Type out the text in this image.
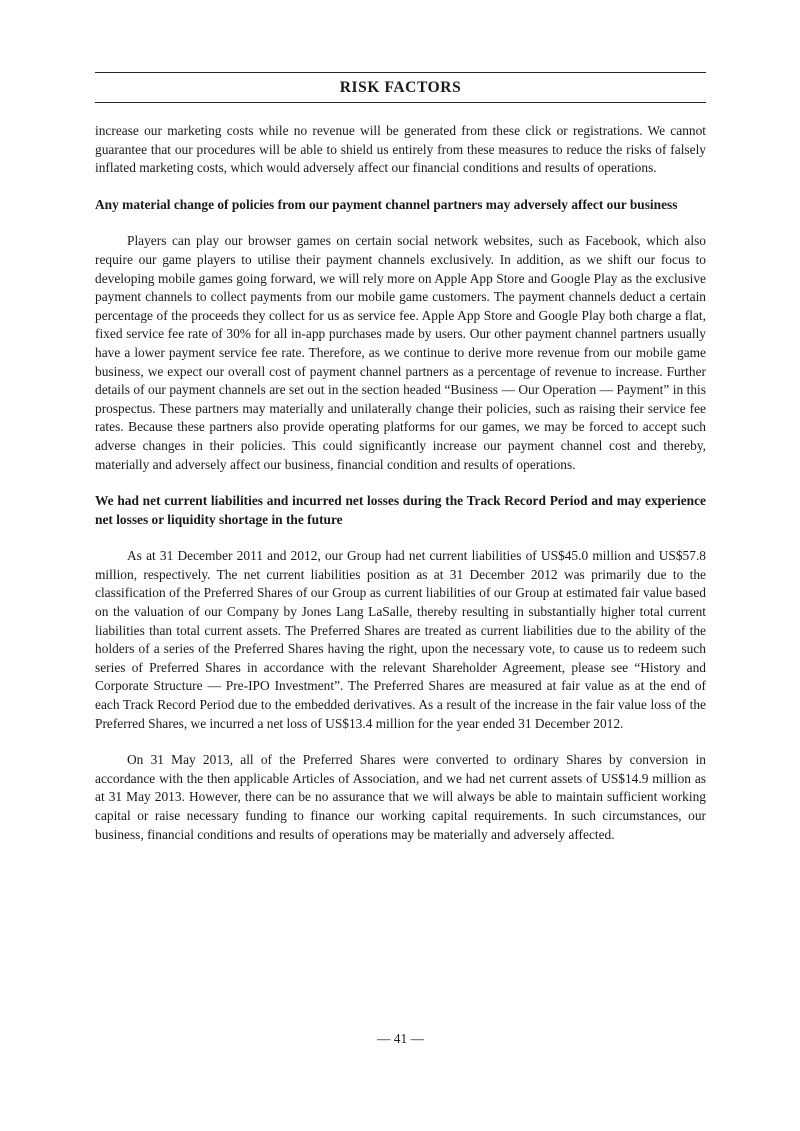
RISK FACTORS

increase our marketing costs while no revenue will be generated from these click or registrations. We cannot guarantee that our procedures will be able to shield us entirely from these measures to reduce the risks of falsely inflated marketing costs, which would adversely affect our financial conditions and results of operations.

Any material change of policies from our payment channel partners may adversely affect our business

Players can play our browser games on certain social network websites, such as Facebook, which also require our game players to utilise their payment channels exclusively. In addition, as we shift our focus to developing mobile games going forward, we will rely more on Apple App Store and Google Play as the exclusive payment channels to collect payments from our mobile game customers. The payment channels deduct a certain percentage of the proceeds they collect for us as service fee. Apple App Store and Google Play both charge a flat, fixed service fee rate of 30% for all in-app purchases made by users. Our other payment channel partners usually have a lower payment service fee rate. Therefore, as we continue to derive more revenue from our mobile game business, we expect our overall cost of payment channel partners as a percentage of revenue to increase. Further details of our payment channels are set out in the section headed “Business — Our Operation — Payment” in this prospectus. These partners may materially and unilaterally change their policies, such as raising their service fee rates. Because these partners also provide operating platforms for our games, we may be forced to accept such adverse changes in their policies. This could significantly increase our payment channel cost and thereby, materially and adversely affect our business, financial condition and results of operations.

We had net current liabilities and incurred net losses during the Track Record Period and may experience net losses or liquidity shortage in the future

As at 31 December 2011 and 2012, our Group had net current liabilities of US$45.0 million and US$57.8 million, respectively. The net current liabilities position as at 31 December 2012 was primarily due to the classification of the Preferred Shares of our Group as current liabilities of our Group at estimated fair value based on the valuation of our Company by Jones Lang LaSalle, thereby resulting in substantially higher total current liabilities than total current assets. The Preferred Shares are treated as current liabilities due to the ability of the holders of a series of the Preferred Shares having the right, upon the necessary vote, to cause us to redeem such series of Preferred Shares in accordance with the relevant Shareholder Agreement, please see “History and Corporate Structure — Pre-IPO Investment”. The Preferred Shares are measured at fair value as at the end of each Track Record Period due to the embedded derivatives. As a result of the increase in the fair value loss of the Preferred Shares, we incurred a net loss of US$13.4 million for the year ended 31 December 2012.

On 31 May 2013, all of the Preferred Shares were converted to ordinary Shares by conversion in accordance with the then applicable Articles of Association, and we had net current assets of US$14.9 million as at 31 May 2013. However, there can be no assurance that we will always be able to maintain sufficient working capital or raise necessary funding to finance our working capital requirements. In such circumstances, our business, financial conditions and results of operations may be materially and adversely affected.

— 41 —
